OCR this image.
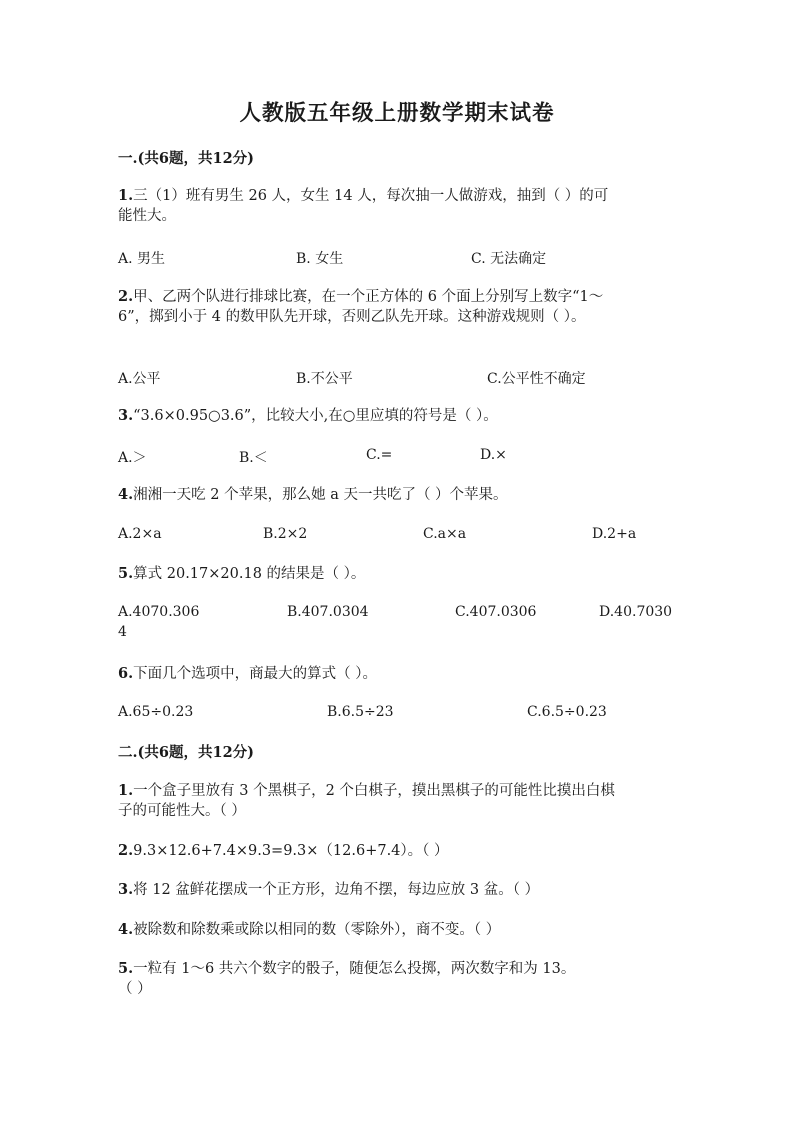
人教版五年级上册数学期末试卷
一.(共6题，共12分)
1.三（1）班有男生 26 人，女生 14 人，每次抽一人做游戏，抽到（ ）的可
能性大。
A. 男生	B. 女生	C. 无法确定
2.甲、乙两个队进行排球比赛，在一个正方体的 6 个面上分别写上数字“1～
6”，掷到小于 4 的数甲队先开球，否则乙队先开球。这种游戏规则（ ）。
A.公平	B.不公平	C.公平性不确定
3.“3.6×0.95○3.6”，比较大小,在○里应填的符号是（ ）。
A.＞	B.＜	C.=	D.×
4.湘湘一天吃 2 个苹果，那么她 a 天一共吃了（ ）个苹果。
A.2×a	B.2×2	C.a×a	D.2+a
5.算式 20.17×20.18 的结果是（ ）。
A.4070.306	B.407.0304	C.407.0306	D.40.7030
4
6.下面几个选项中，商最大的算式（ ）。
A.65÷0.23	B.6.5÷23	C.6.5÷0.23
二.(共6题，共12分)
1.一个盒子里放有 3 个黑棋子，2 个白棋子，摸出黑棋子的可能性比摸出白棋
子的可能性大。（ ）
2.9.3×12.6+7.4×9.3=9.3×（12.6+7.4）。（ ）
3.将 12 盆鲜花摆成一个正方形，边角不摆，每边应放 3 盆。（ ）
4.被除数和除数乘或除以相同的数（零除外），商不变。（ ）
5.一粒有 1～6 共六个数字的骰子，随便怎么投掷，两次数字和为 13。
（ ）
